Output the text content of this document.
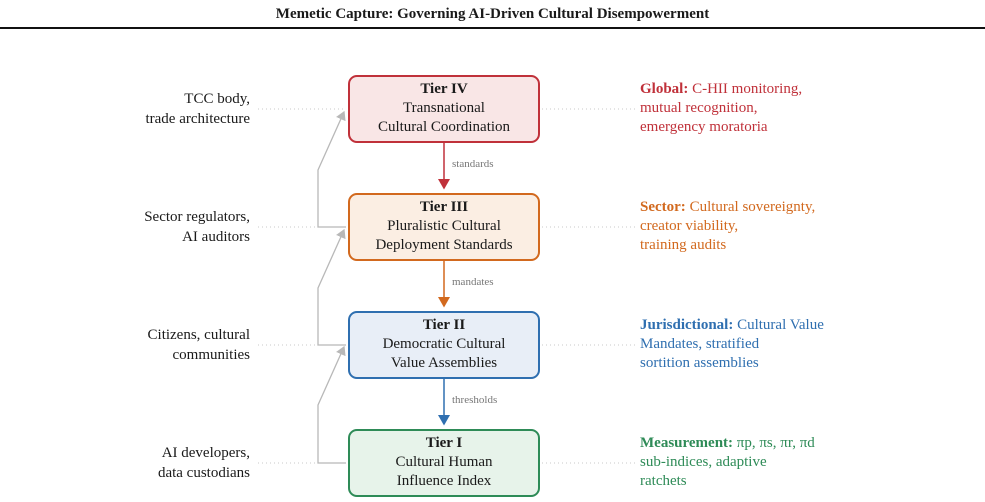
Memetic Capture: Governing AI-Driven Cultural Disempowerment
standards
mandates
thresholds
Tier IV
Transnational
Cultural Coordination
Tier III
Pluralistic Cultural
Deployment Standards
Tier II
Democratic Cultural
Value Assemblies
Tier I
Cultural Human
Influence Index
TCC body,
trade architecture
Sector regulators,
AI auditors
Citizens, cultural
communities
AI developers,
data custodians
Global: C-HII monitoring,
mutual recognition,
emergency moratoria
Sector: Cultural sovereignty,
creator viability,
training audits
Jurisdictional: Cultural Value
Mandates, stratified
sortition assemblies
Measurement: πp, πs, πr, πd
sub-indices, adaptive
ratchets
